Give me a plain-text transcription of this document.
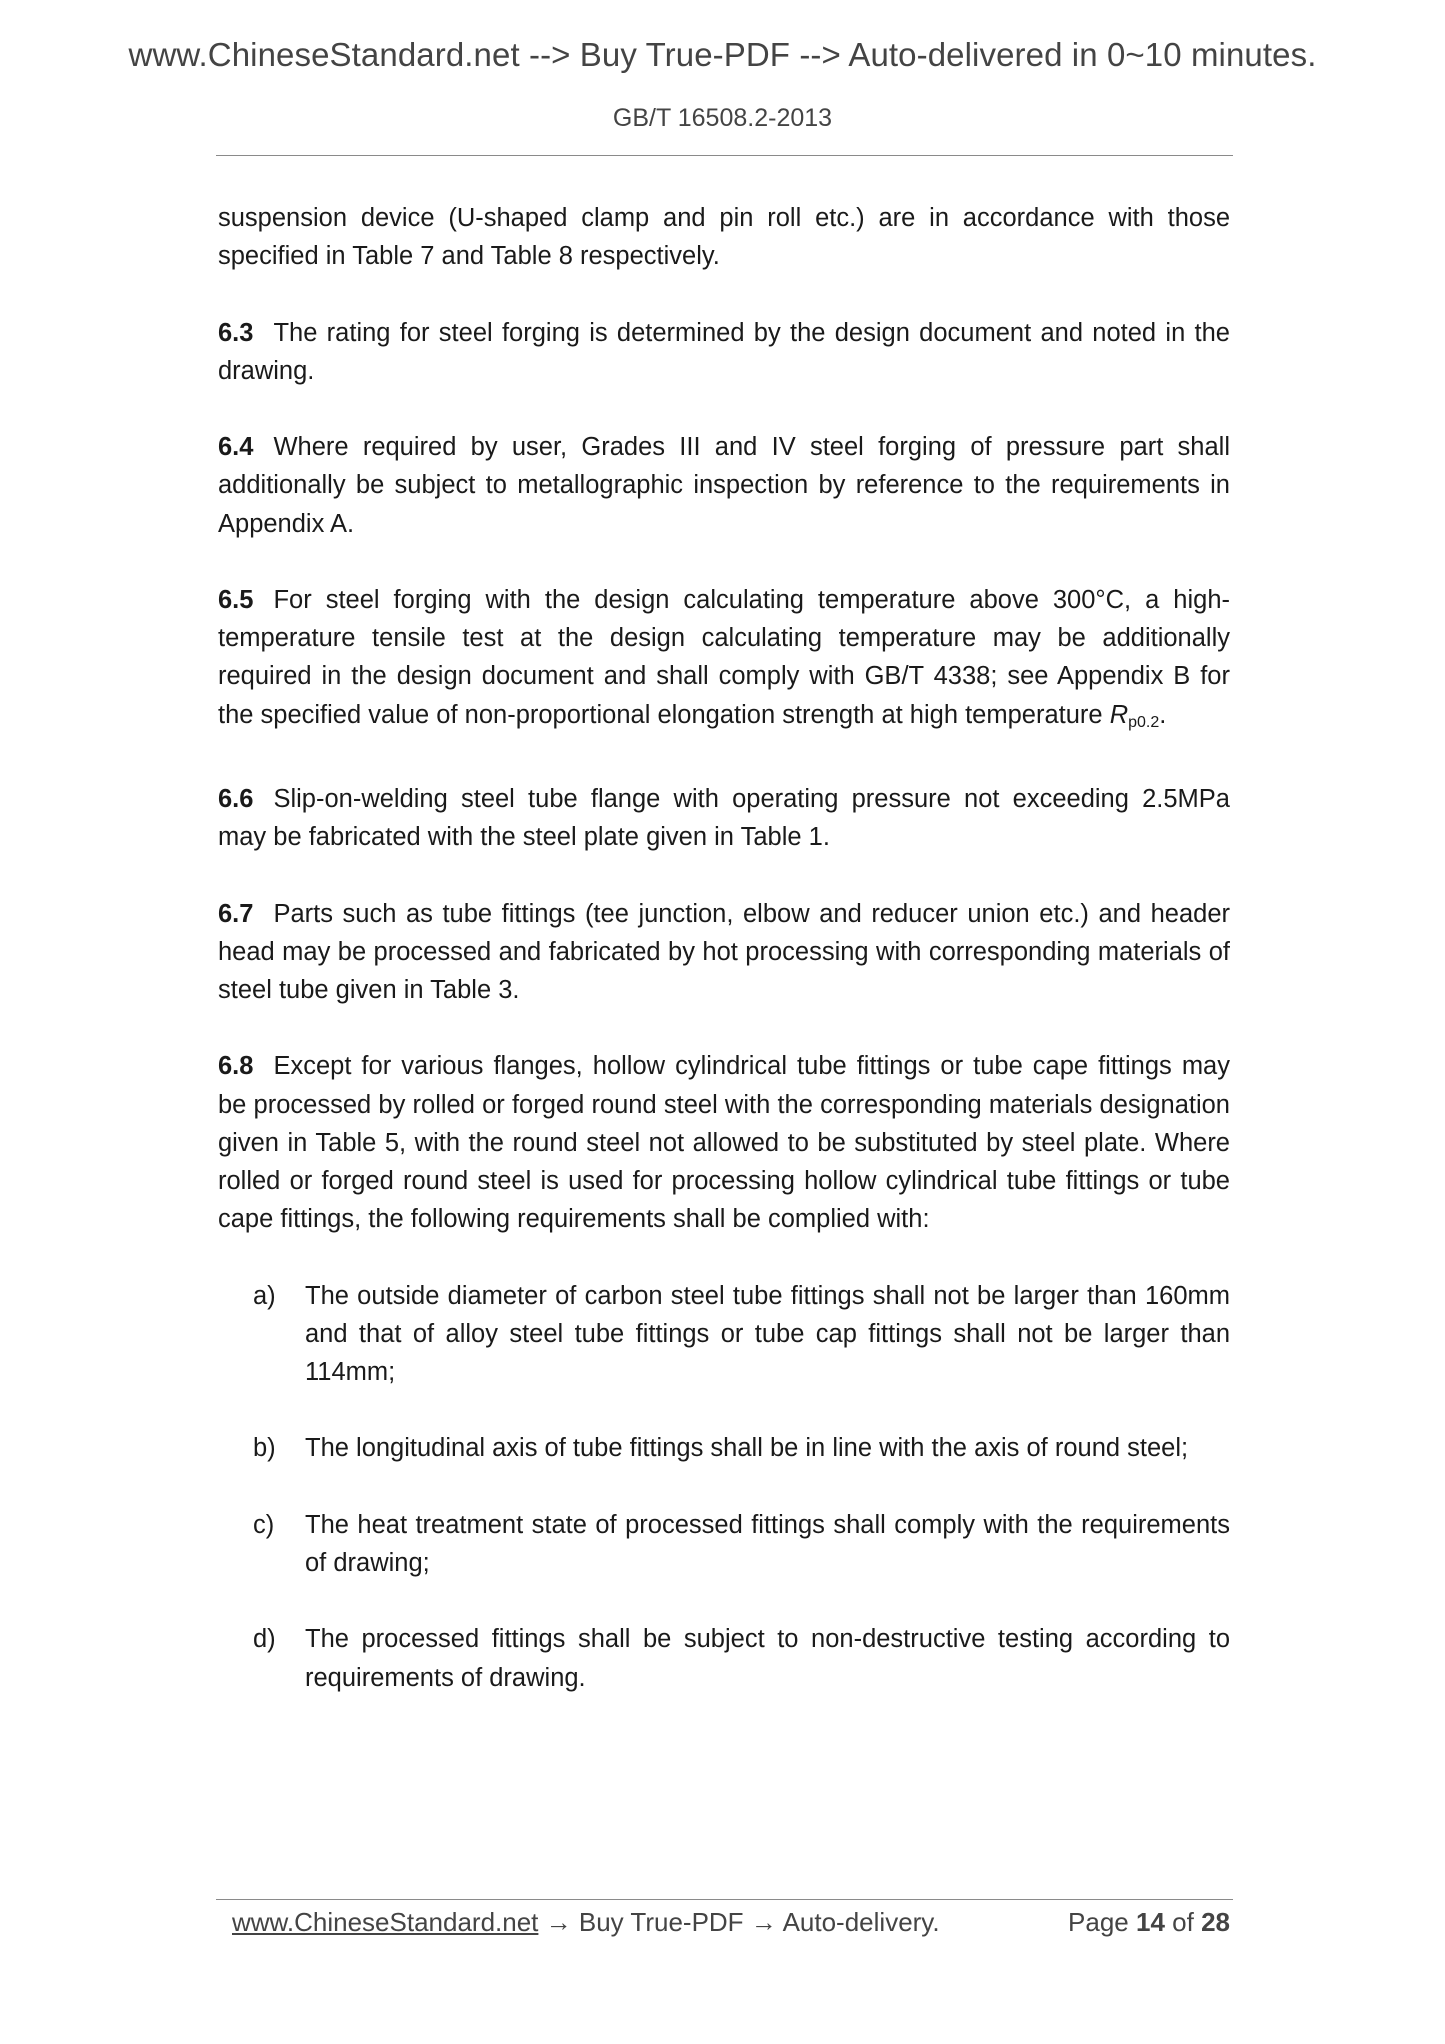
www.ChineseStandard.net --> Buy True-PDF --> Auto-delivered in 0~10 minutes.
GB/T 16508.2-2013

suspension device (U-shaped clamp and pin roll etc.) are in accordance with those specified in Table 7 and Table 8 respectively.

6.3 The rating for steel forging is determined by the design document and noted in the drawing.

6.4 Where required by user, Grades III and IV steel forging of pressure part shall additionally be subject to metallographic inspection by reference to the requirements in Appendix A.

6.5 For steel forging with the design calculating temperature above 300°C, a high-temperature tensile test at the design calculating temperature may be additionally required in the design document and shall comply with GB/T 4338; see Appendix B for the specified value of non-proportional elongation strength at high temperature $R_{p0.2}$.

6.6 Slip-on-welding steel tube flange with operating pressure not exceeding 2.5MPa may be fabricated with the steel plate given in Table 1.

6.7 Parts such as tube fittings (tee junction, elbow and reducer union etc.) and header head may be processed and fabricated by hot processing with corresponding materials of steel tube given in Table 3.

6.8 Except for various flanges, hollow cylindrical tube fittings or tube cape fittings may be processed by rolled or forged round steel with the corresponding materials designation given in Table 5, with the round steel not allowed to be substituted by steel plate. Where rolled or forged round steel is used for processing hollow cylindrical tube fittings or tube cape fittings, the following requirements shall be complied with:

a) The outside diameter of carbon steel tube fittings shall not be larger than 160mm and that of alloy steel tube fittings or tube cap fittings shall not be larger than 114mm;
b) The longitudinal axis of tube fittings shall be in line with the axis of round steel;
c) The heat treatment state of processed fittings shall comply with the requirements of drawing;
d) The processed fittings shall be subject to non-destructive testing according to requirements of drawing.
www.ChineseStandard.net → Buy True-PDF → Auto-delivery.	Page 14 of 28
